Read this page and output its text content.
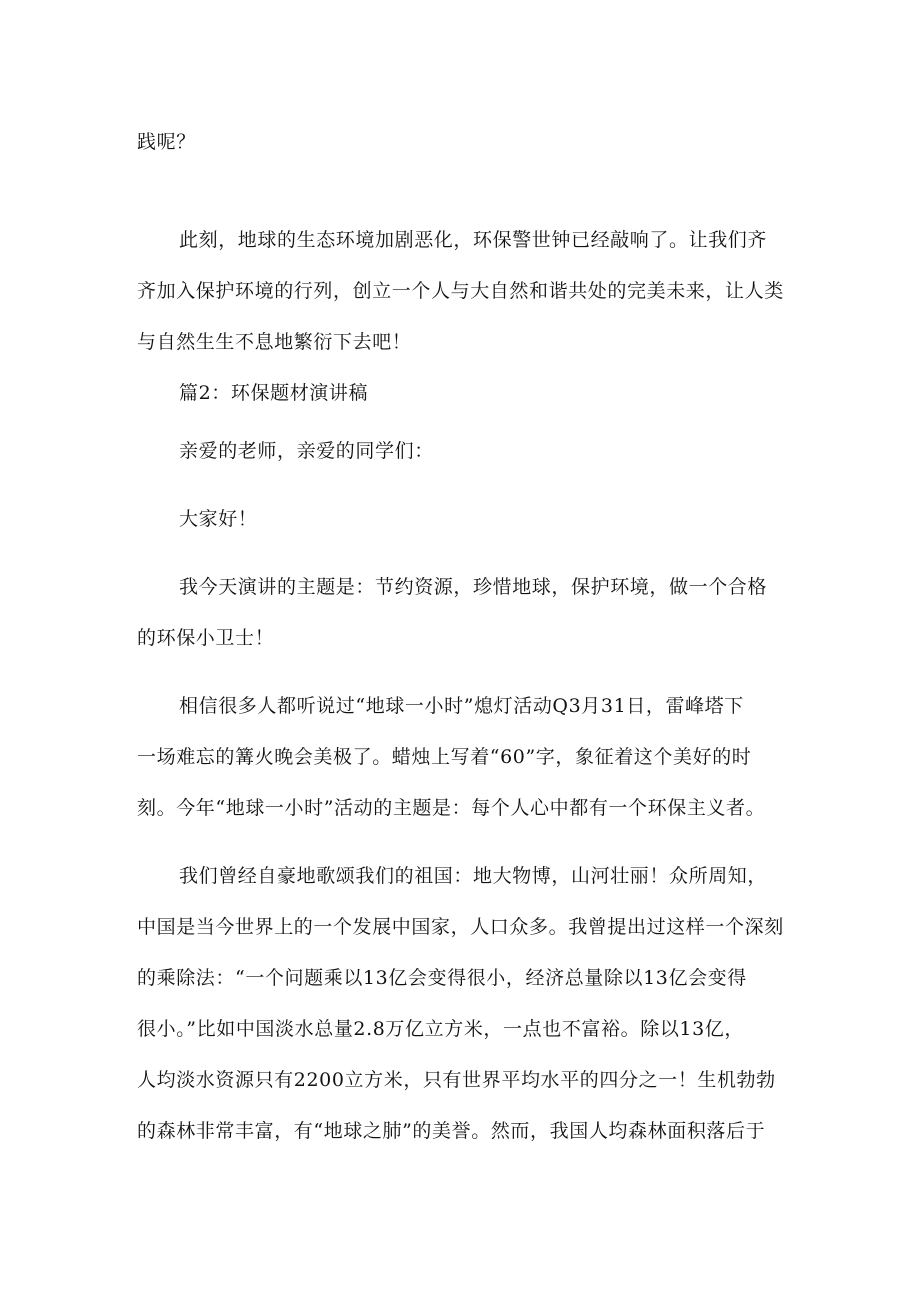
践呢？
此刻，地球的生态环境加剧恶化，环保警世钟已经敲响了。让我们齐
齐加入保护环境的行列，创立一个人与大自然和谐共处的完美未来，让人类
与自然生生不息地繁衍下去吧！
篇2：环保题材演讲稿
亲爱的老师，亲爱的同学们：
大家好！
我今天演讲的主题是：节约资源，珍惜地球，保护环境，做一个合格
的环保小卫士！
相信很多人都听说过“地球一小时”熄灯活动Q3月31日，雷峰塔下
一场难忘的篝火晚会美极了。蜡烛上写着“60”字，象征着这个美好的时
刻。今年“地球一小时”活动的主题是：每个人心中都有一个环保主义者。
我们曾经自豪地歌颂我们的祖国：地大物博，山河壮丽！众所周知，
中国是当今世界上的一个发展中国家，人口众多。我曾提出过这样一个深刻
的乘除法：“一个问题乘以13亿会变得很小，经济总量除以13亿会变得
很小。”比如中国淡水总量2.8万亿立方米，一点也不富裕。除以13亿，
人均淡水资源只有2200立方米，只有世界平均水平的四分之一！生机勃勃
的森林非常丰富，有“地球之肺”的美誉。然而，我国人均森林面积落后于
